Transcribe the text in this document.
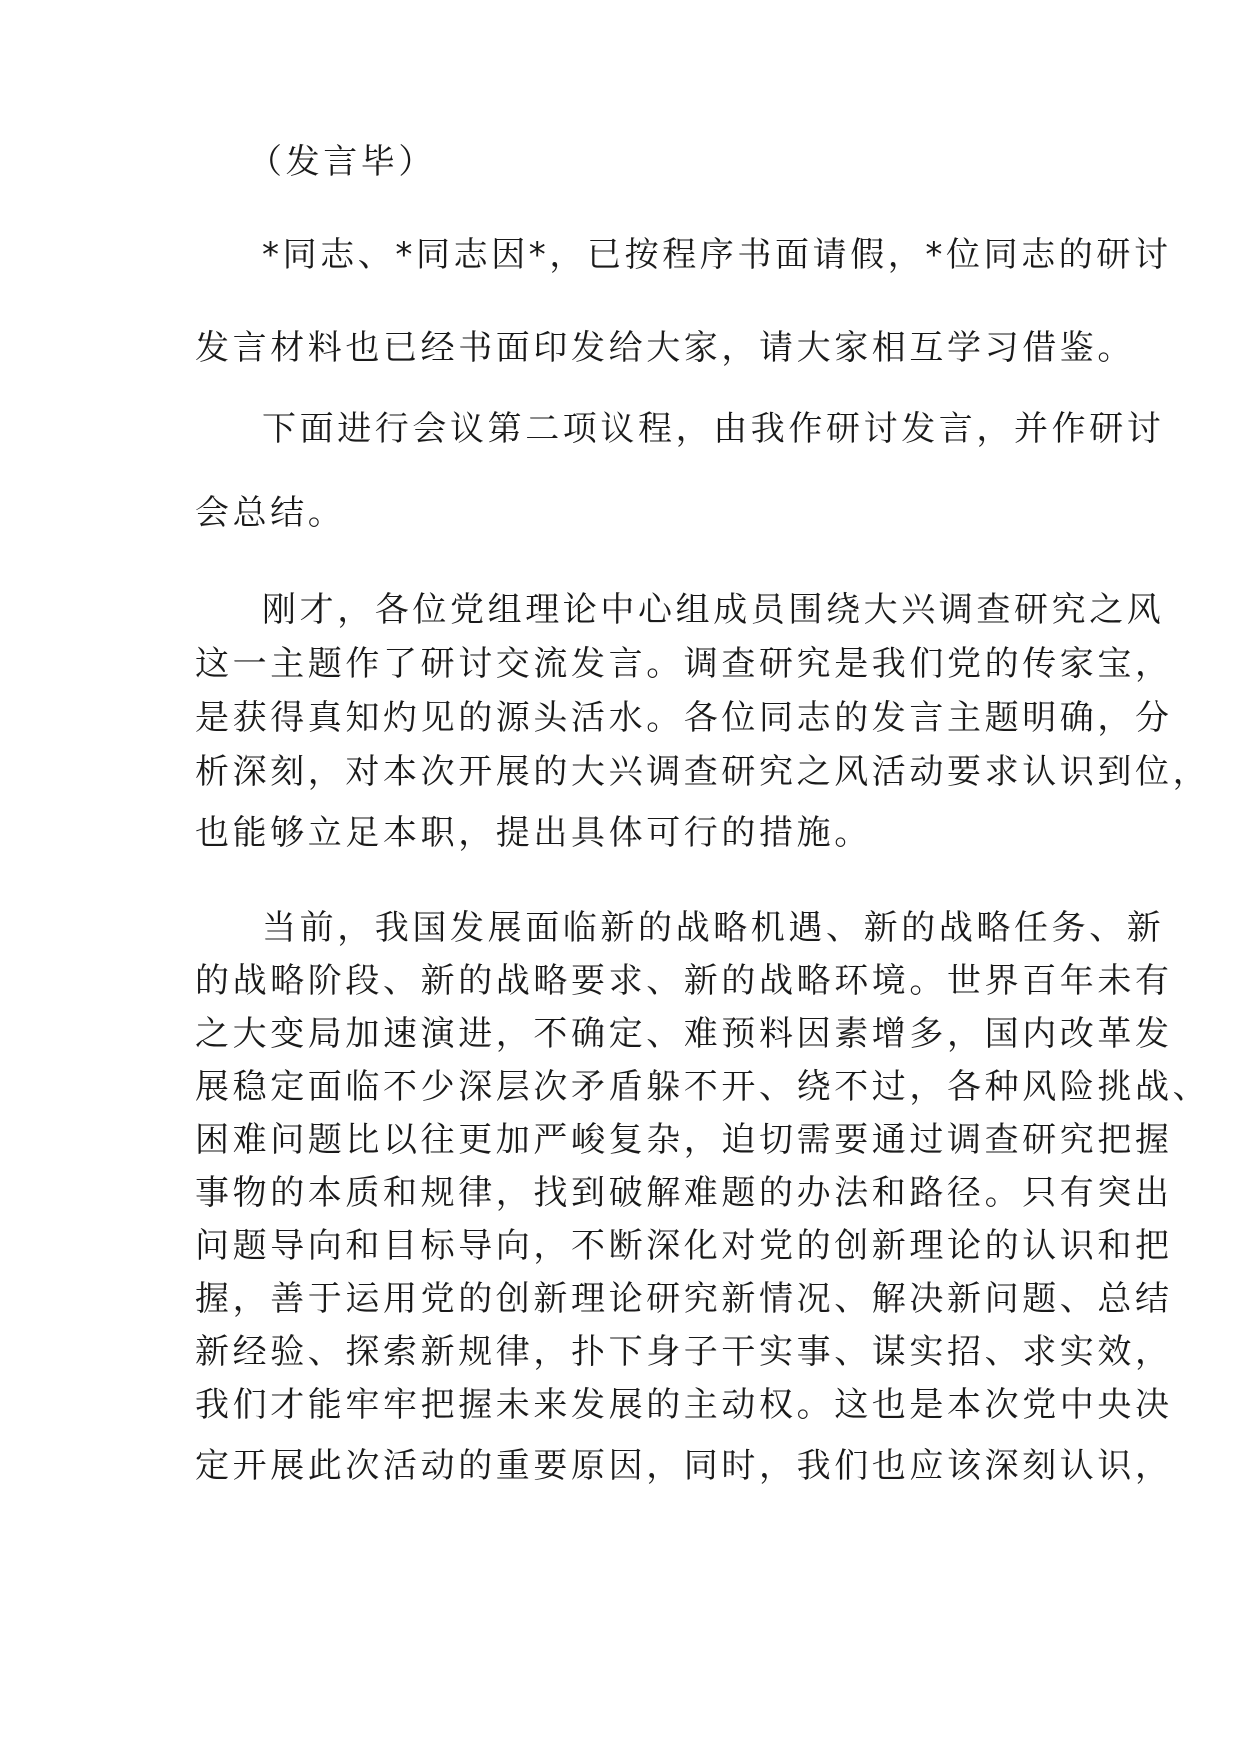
（发言毕）
*同志、*同志因*，已按程序书面请假，*位同志的研讨
发言材料也已经书面印发给大家，请大家相互学习借鉴。
下面进行会议第二项议程，由我作研讨发言，并作研讨
会总结。
刚才，各位党组理论中心组成员围绕大兴调查研究之风
这一主题作了研讨交流发言。调查研究是我们党的传家宝，
是获得真知灼见的源头活水。各位同志的发言主题明确，分
析深刻，对本次开展的大兴调查研究之风活动要求认识到位，
也能够立足本职，提出具体可行的措施。
当前，我国发展面临新的战略机遇、新的战略任务、新
的战略阶段、新的战略要求、新的战略环境。世界百年未有
之大变局加速演进，不确定、难预料因素增多，国内改革发
展稳定面临不少深层次矛盾躲不开、绕不过，各种风险挑战、
困难问题比以往更加严峻复杂，迫切需要通过调查研究把握
事物的本质和规律，找到破解难题的办法和路径。只有突出
问题导向和目标导向，不断深化对党的创新理论的认识和把
握，善于运用党的创新理论研究新情况、解决新问题、总结
新经验、探索新规律，扑下身子干实事、谋实招、求实效，
我们才能牢牢把握未来发展的主动权。这也是本次党中央决
定开展此次活动的重要原因，同时，我们也应该深刻认识，
